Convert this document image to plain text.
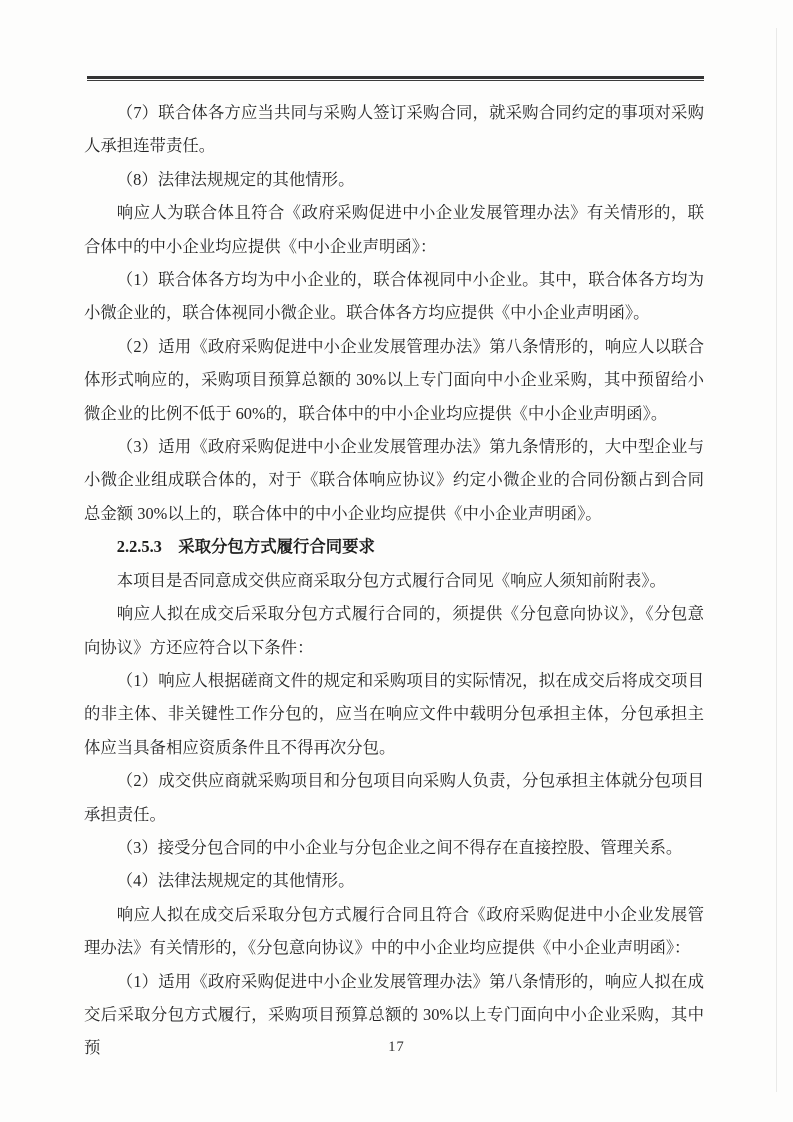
（7）联合体各方应当共同与采购人签订采购合同，就采购合同约定的事项对采购人承担连带责任。

（8）法律法规规定的其他情形。

响应人为联合体且符合《政府采购促进中小企业发展管理办法》有关情形的，联合体中的中小企业均应提供《中小企业声明函》：

（1）联合体各方均为中小企业的，联合体视同中小企业。其中，联合体各方均为小微企业的，联合体视同小微企业。联合体各方均应提供《中小企业声明函》。

（2）适用《政府采购促进中小企业发展管理办法》第八条情形的，响应人以联合体形式响应的，采购项目预算总额的 30%以上专门面向中小企业采购，其中预留给小微企业的比例不低于 60%的，联合体中的中小企业均应提供《中小企业声明函》。

（3）适用《政府采购促进中小企业发展管理办法》第九条情形的，大中型企业与小微企业组成联合体的，对于《联合体响应协议》约定小微企业的合同份额占到合同总金额 30%以上的，联合体中的中小企业均应提供《中小企业声明函》。

2.2.5.3　采取分包方式履行合同要求

本项目是否同意成交供应商采取分包方式履行合同见《响应人须知前附表》。

响应人拟在成交后采取分包方式履行合同的，须提供《分包意向协议》，《分包意向协议》方还应符合以下条件：

（1）响应人根据磋商文件的规定和采购项目的实际情况，拟在成交后将成交项目的非主体、非关键性工作分包的，应当在响应文件中载明分包承担主体，分包承担主体应当具备相应资质条件且不得再次分包。

（2）成交供应商就采购项目和分包项目向采购人负责，分包承担主体就分包项目承担责任。

（3）接受分包合同的中小企业与分包企业之间不得存在直接控股、管理关系。

（4）法律法规规定的其他情形。

响应人拟在成交后采取分包方式履行合同且符合《政府采购促进中小企业发展管理办法》有关情形的，《分包意向协议》中的中小企业均应提供《中小企业声明函》：

（1）适用《政府采购促进中小企业发展管理办法》第八条情形的，响应人拟在成交后采取分包方式履行，采购项目预算总额的 30%以上专门面向中小企业采购，其中预	17
